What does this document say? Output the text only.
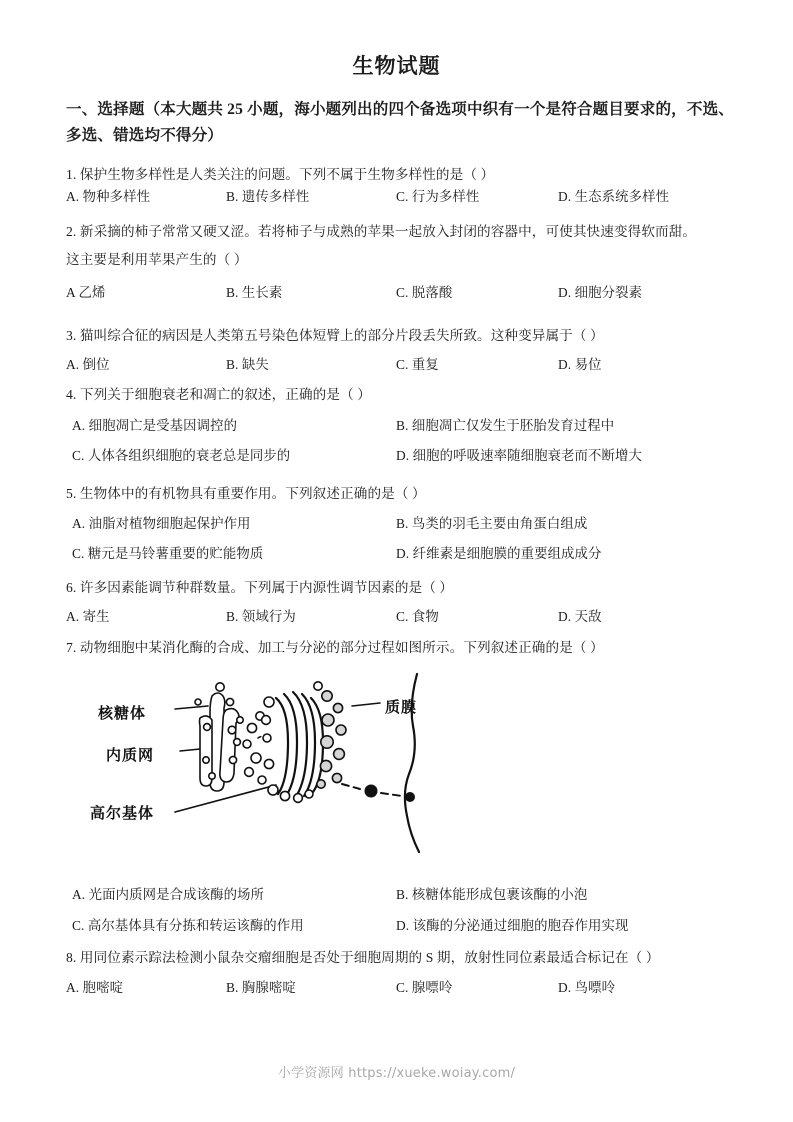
生物试题
一、选择题（本大题共 25 小题，海小题列出的四个备选项中织有一个是符合题目要求的，不选、多选、错选均不得分）
1. 保护生物多样性是人类关注的问题。下列不属于生物多样性的是（ ）
A. 物种多样性	B. 遗传多样性	C. 行为多样性	D. 生态系统多样性
2. 新采摘的柿子常常又硬又涩。若将柿子与成熟的苹果一起放入封闭的容器中，可使其快速变得软而甜。
这主要是利用苹果产生的（ ）
A 乙烯	B. 生长素	C. 脱落酸	D. 细胞分裂素
3. 猫叫综合征的病因是人类第五号染色体短臂上的部分片段丢失所致。这种变异属于（ ）
A. 倒位	B. 缺失	C. 重复	D. 易位
4. 下列关于细胞衰老和凋亡的叙述，正确的是（ ）
A. 细胞凋亡是受基因调控的	B. 细胞凋亡仅发生于胚胎发育过程中
C. 人体各组织细胞的衰老总是同步的	D. 细胞的呼吸速率随细胞衰老而不断增大
5. 生物体中的有机物具有重要作用。下列叙述正确的是（ ）
A. 油脂对植物细胞起保护作用	B. 鸟类的羽毛主要由角蛋白组成
C. 糖元是马铃薯重要的贮能物质	D. 纤维素是细胞膜的重要组成成分
6. 许多因素能调节种群数量。下列属于内源性调节因素的是（ ）
A. 寄生	B. 领域行为	C. 食物	D. 天敌
7. 动物细胞中某消化酶的合成、加工与分泌的部分过程如图所示。下列叙述正确的是（ ）
核糖体
内质网
高尔基体
质膜
A. 光面内质网是合成该酶的场所	B. 核糖体能形成包裹该酶的小泡
C. 高尔基体具有分拣和转运该酶的作用	D. 该酶的分泌通过细胞的胞吞作用实现
8. 用同位素示踪法检测小鼠杂交瘤细胞是否处于细胞周期的 S 期，放射性同位素最适合标记在（ ）
A. 胞嘧啶	B. 胸腺嘧啶	C. 腺嘌呤	D. 鸟嘌呤
小学资源网 https://xueke.woiay.com/
